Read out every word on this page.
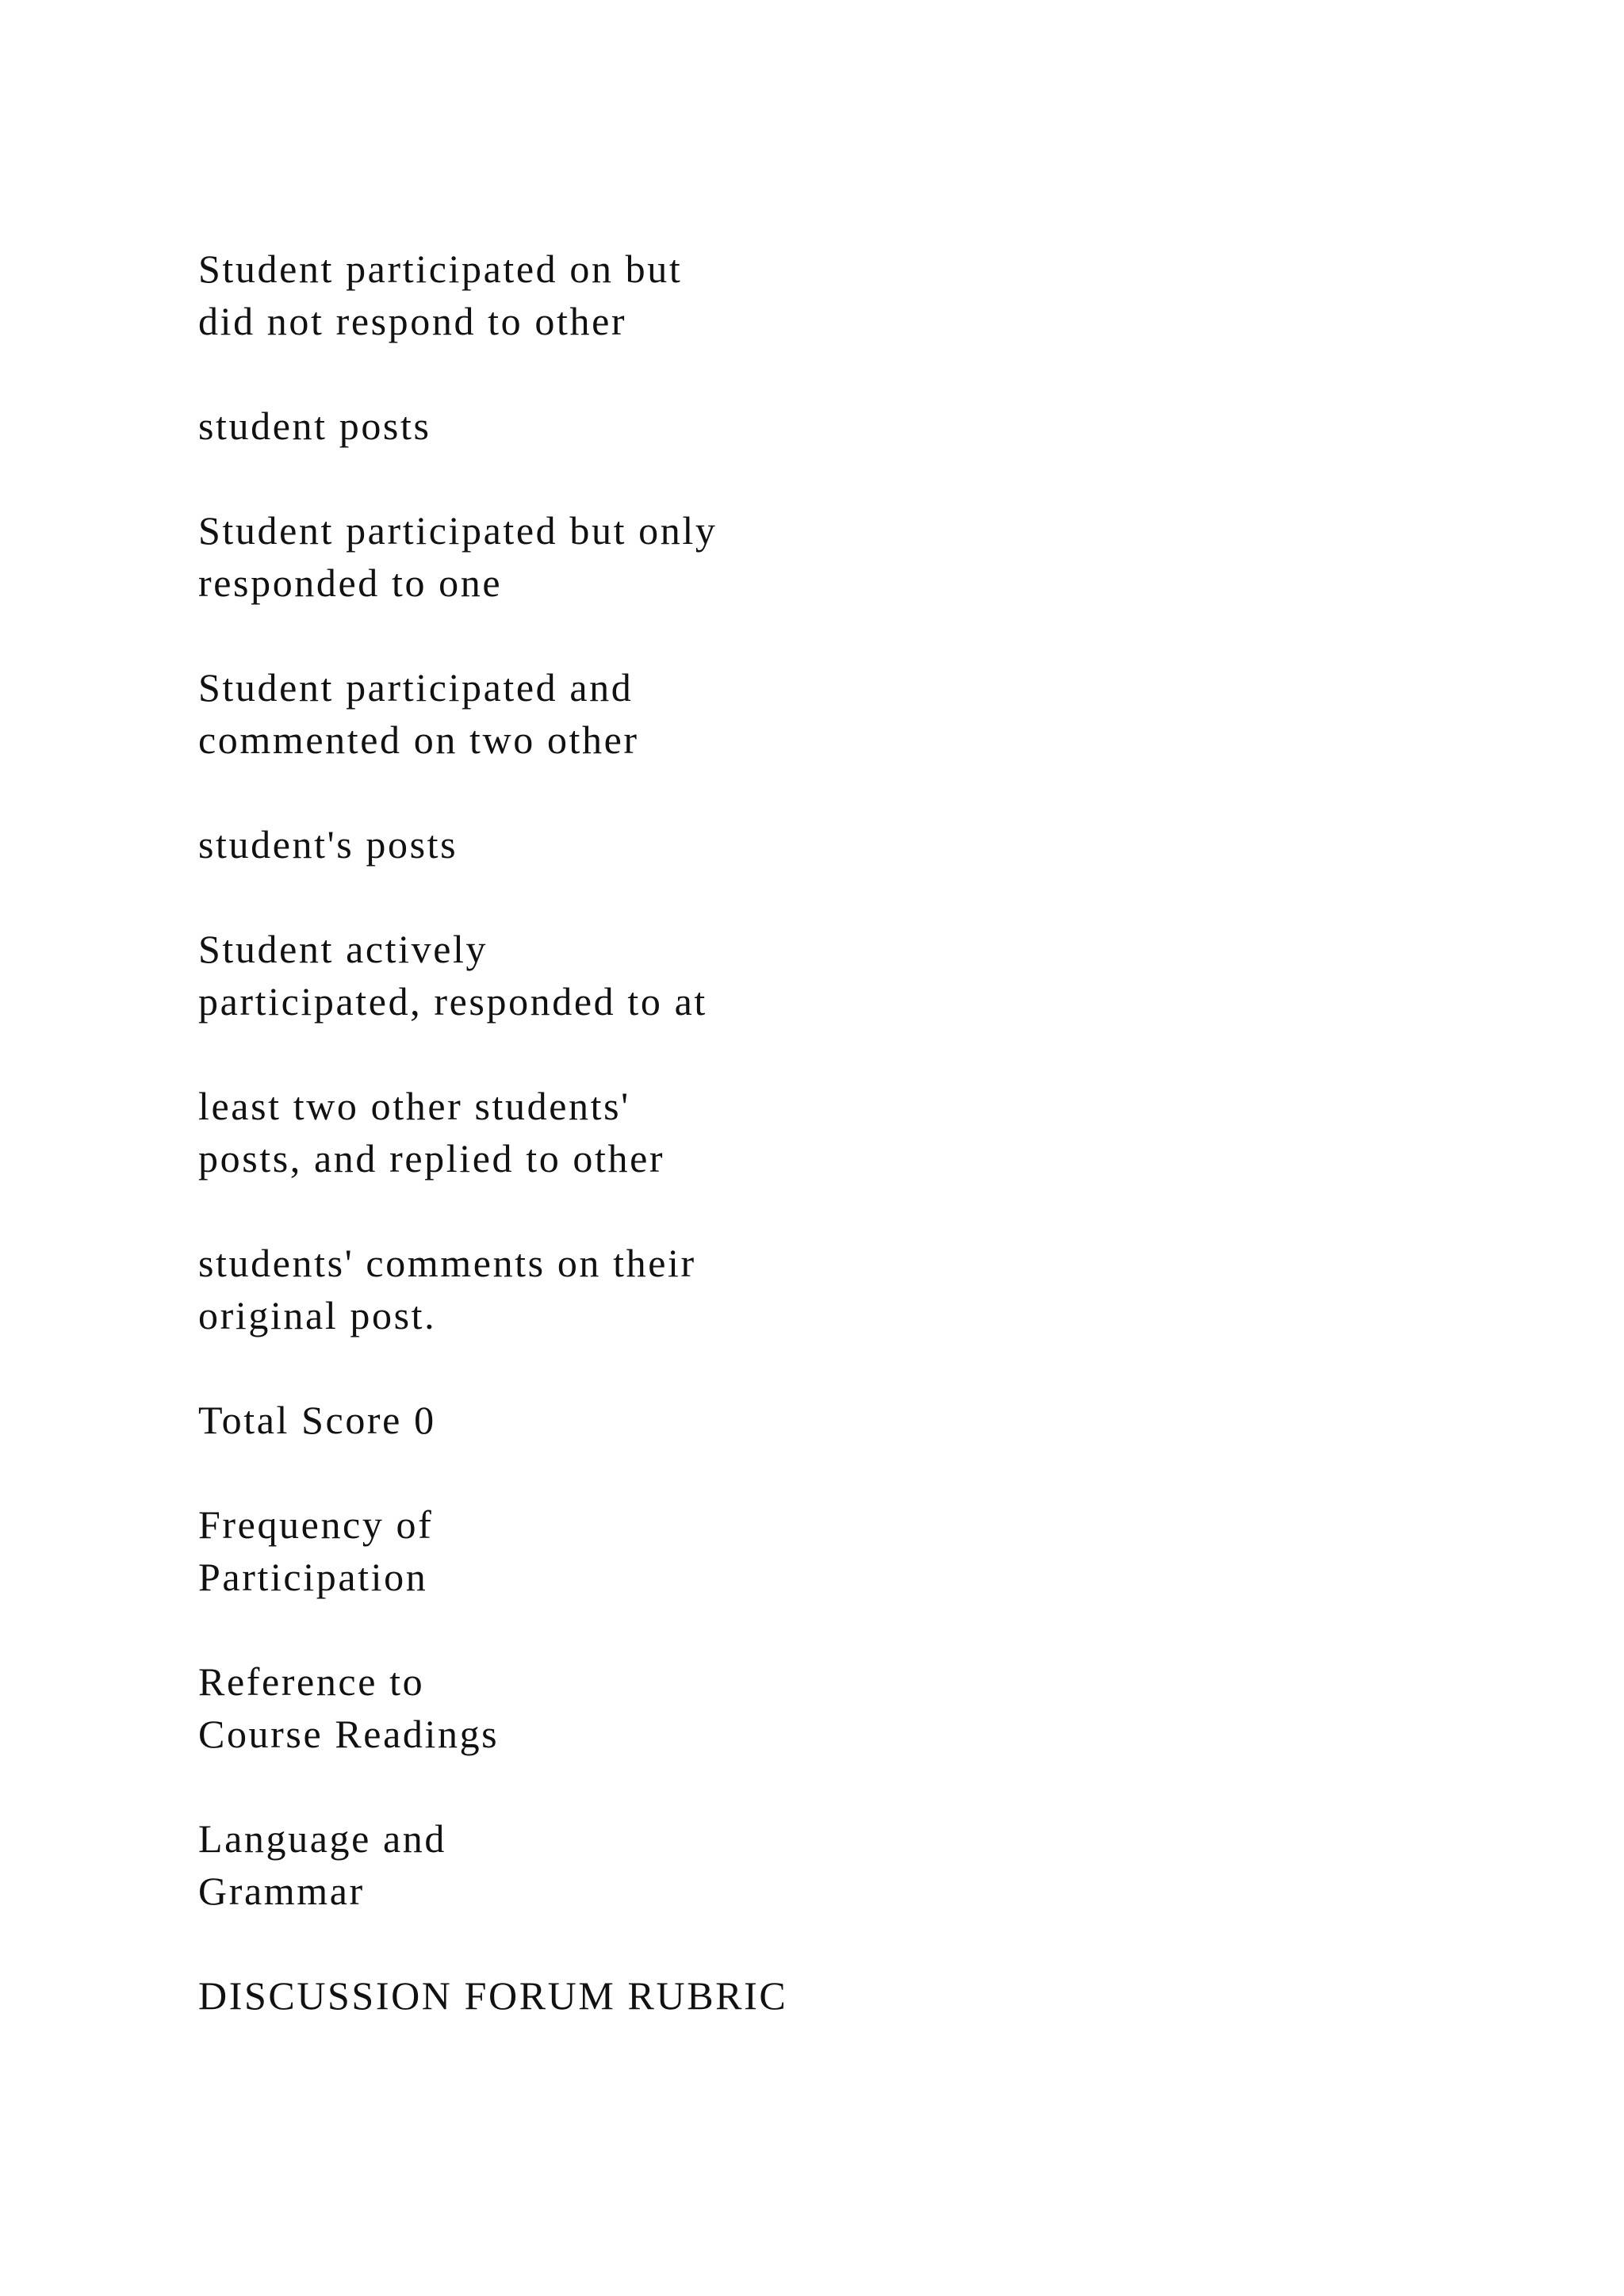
Student participated on but
did not respond to other

student posts

Student participated but only
responded to one

Student participated and
commented on two other

student's posts

Student actively
participated, responded to at

least two other students'
posts, and replied to other

students' comments on their
original post.

Total Score 0

Frequency of
Participation

Reference to
Course Readings

Language and
Grammar

DISCUSSION FORUM RUBRIC
